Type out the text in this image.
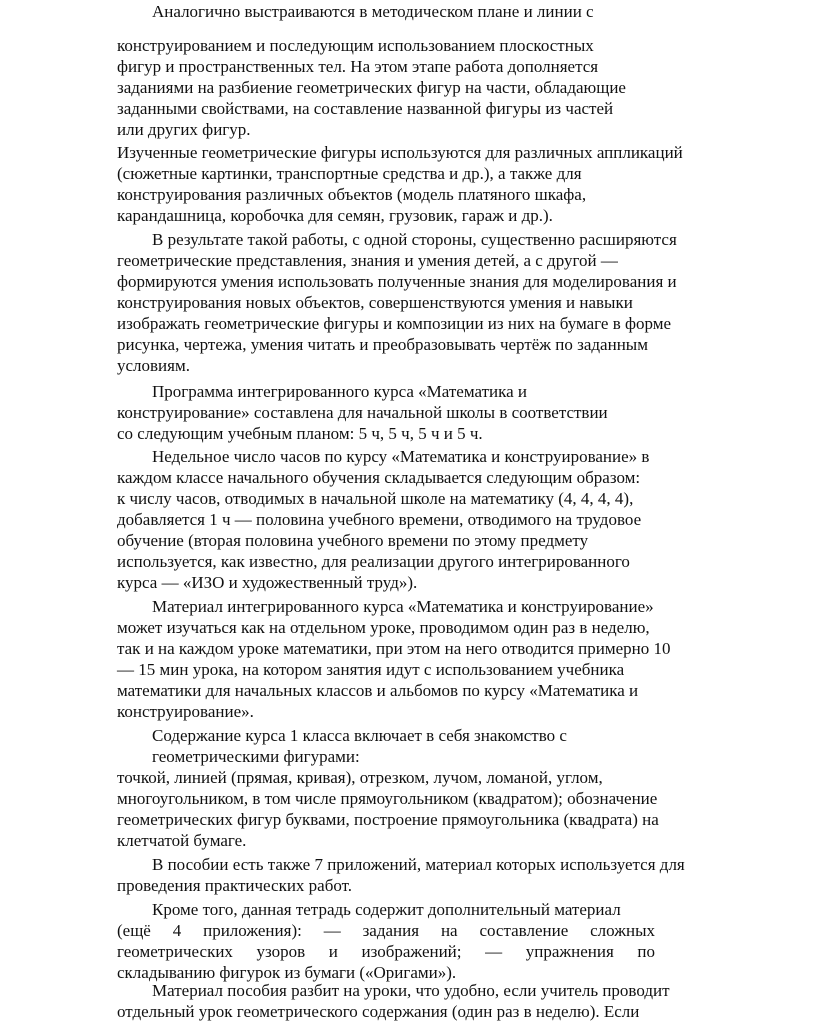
Аналогично выстраиваются в методическом плане и линии с

конструированием и последующим использованием плоскостных

фигур и пространственных тел. На этом этапе работа дополняется

заданиями на разбиение геометрических фигур на части, обладающие

заданными свойствами, на составление названной фигуры из частей

или других фигур.

Изученные геометрические фигуры используются для различных аппликаций

(сюжетные картинки, транспортные средства и др.), а также для

конструирования различных объектов (модель платяного шкафа,

карандашница, коробочка для семян, грузовик, гараж и др.).

В результате такой работы, с одной стороны, существенно расширяются

геометрические представления, знания и умения детей, а с другой —

формируются умения использовать полученные знания для моделирования и

конструирования новых объектов, совершенствуются умения и навыки

изображать геометрические фигуры и композиции из них на бумаге в форме

рисунка, чертежа, умения читать и преобразовывать чертёж по заданным

условиям.

Программа интегрированного курса «Математика и

конструирование» составлена для начальной школы в соответствии

со следующим учебным планом: 5 ч, 5 ч, 5 ч и 5 ч.

Недельное число часов по курсу «Математика и конструирование» в

каждом классе начального обучения складывается следующим образом:

к числу часов, отводимых в начальной школе на математику (4, 4, 4, 4),

добавляется 1 ч — половина учебного времени, отводимого на трудовое

обучение (вторая половина учебного времени по этому предмету

используется, как известно, для реализации другого интегрированного

курса — «ИЗО и художественный труд»).

Материал интегрированного курса «Математика и конструирование»

может изучаться как на отдельном уроке, проводимом один раз в неделю,

так и на каждом уроке математики, при этом на него отводится примерно 10

— 15 мин урока, на котором занятия идут с использованием учебника

математики для начальных классов и альбомов по курсу «Математика и

конструирование».

Содержание курса 1 класса включает в себя знакомство с

геометрическими фигурами:

точкой, линией (прямая, кривая), отрезком, лучом, ломаной, углом,

многоугольником, в том числе прямоугольником (квадратом); обозначение

геометрических фигур буквами, построение прямоугольника (квадрата) на

клетчатой бумаге.

В пособии есть также 7 приложений, материал которых используется для

проведения практических работ.

Кроме того, данная тетрадь содержит дополнительный материал

(ещё 4 приложения): — задания на составление сложных

геометрических узоров и изображений; — упражнения по

складыванию фигурок из бумаги («Оригами»).

Материал пособия разбит на уроки, что удобно, если учитель проводит

отдельный урок геометрического содержания (один раз в неделю). Если
